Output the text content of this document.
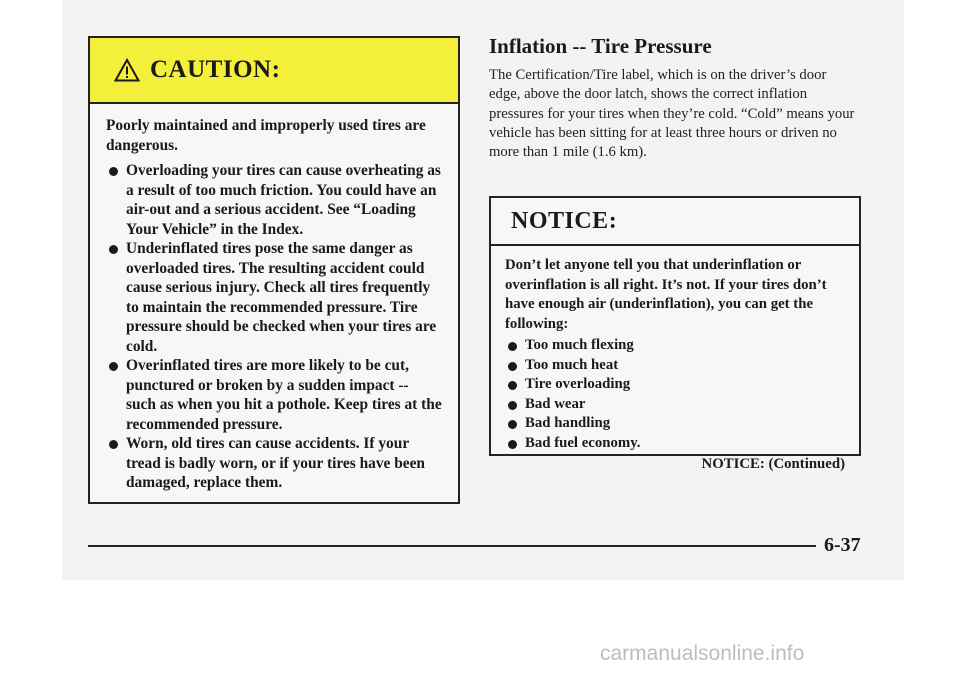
CAUTION:

Poorly maintained and improperly used tires are dangerous.

Overloading your tires can cause overheating as a result of too much friction. You could have an air-out and a serious accident. See “Loading Your Vehicle” in the Index.
Underinflated tires pose the same danger as overloaded tires. The resulting accident could cause serious injury. Check all tires frequently to maintain the recommended pressure. Tire pressure should be checked when your tires are cold.
Overinflated tires are more likely to be cut, punctured or broken by a sudden impact -- such as when you hit a pothole. Keep tires at the recommended pressure.
Worn, old tires can cause accidents. If your tread is badly worn, or if your tires have been damaged, replace them.
Inflation -- Tire Pressure
The Certification/Tire label, which is on the driver’s door edge, above the door latch, shows the correct inflation pressures for your tires when they’re cold. “Cold” means your vehicle has been sitting for at least three hours or driven no more than 1 mile (1.6 km).
NOTICE:

Don’t let anyone tell you that underinflation or overinflation is all right. It’s not. If your tires don’t have enough air (underinflation), you can get the following:

Too much flexing
Too much heat
Tire overloading
Bad wear
Bad handling
Bad fuel economy.
NOTICE: (Continued)
6-37
carmanualsonline.info
